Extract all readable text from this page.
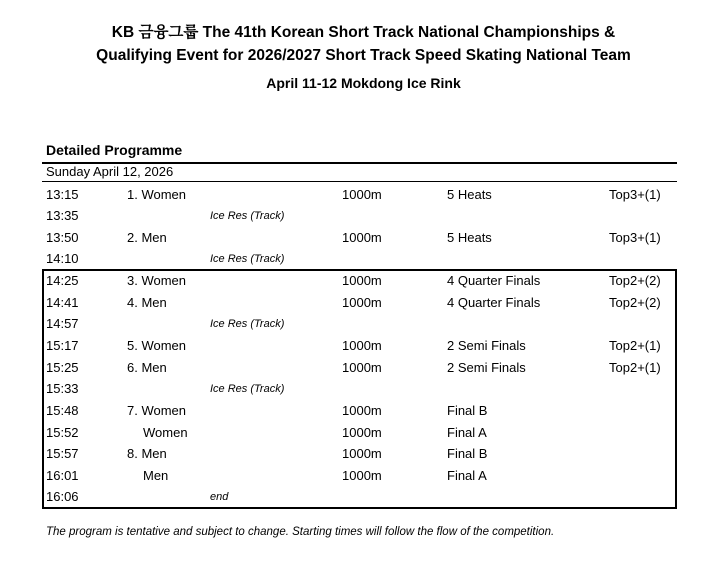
KB 금융그룹 The 41th Korean Short Track National Championships &
Qualifying Event for 2026/2027 Short Track Speed Skating National Team
April 11-12 Mokdong Ice Rink
Detailed Programme
Sunday April 12, 2026
13:15	1. Women	1000m	5 Heats	Top3+(1)
13:35	Ice Res (Track)
13:50	2. Men	1000m	5 Heats	Top3+(1)
14:10	Ice Res (Track)
14:25	3. Women	1000m	4 Quarter Finals	Top2+(2)
14:41	4. Men	1000m	4 Quarter Finals	Top2+(2)
14:57	Ice Res (Track)
15:17	5. Women	1000m	2 Semi Finals	Top2+(1)
15:25	6. Men	1000m	2 Semi Finals	Top2+(1)
15:33	Ice Res (Track)
15:48	7. Women	1000m	Final B
15:52	Women	1000m	Final A
15:57	8. Men	1000m	Final B
16:01	Men	1000m	Final A
16:06	end
The program is tentative and subject to change. Starting times will follow the flow of the competition.
